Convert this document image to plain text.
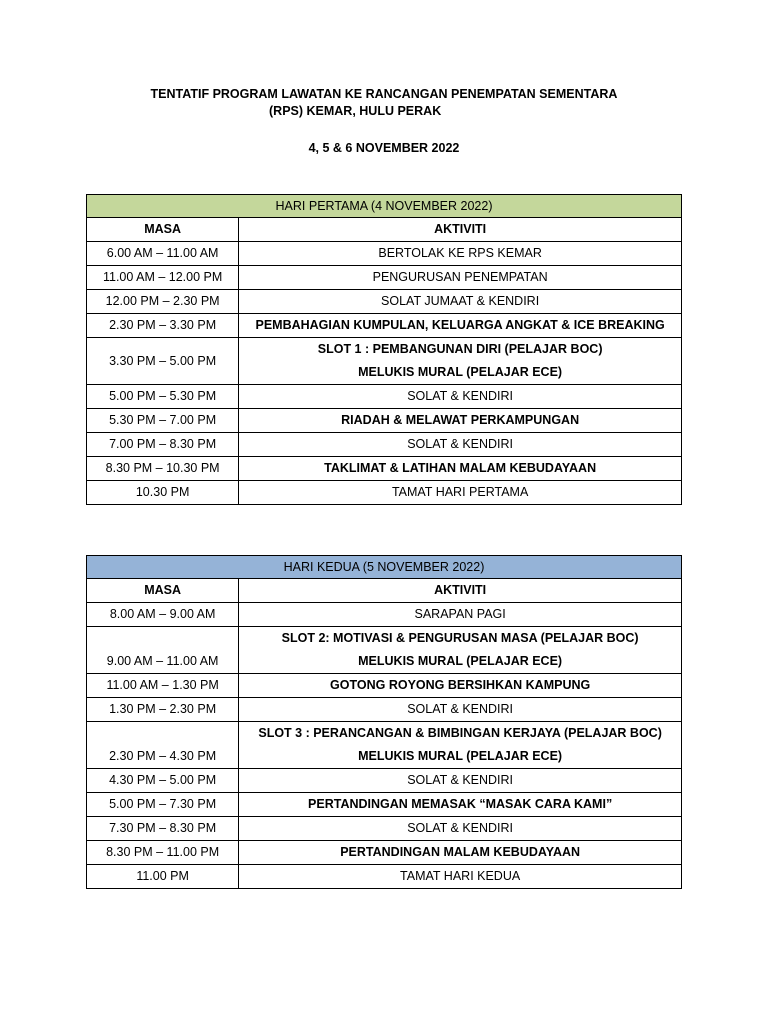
TENTATIF PROGRAM LAWATAN KE RANCANGAN PENEMPATAN SEMENTARA
(RPS) KEMAR, HULU PERAK
4, 5 & 6 NOVEMBER 2022
HARI PERTAMA (4 NOVEMBER 2022)	
MASA	AKTIVITI
6.00 AM – 11.00 AM	BERTOLAK KE RPS KEMAR
11.00 AM – 12.00 PM	PENGURUSAN PENEMPATAN
12.00 PM – 2.30 PM	SOLAT JUMAAT & KENDIRI
2.30 PM – 3.30 PM	PEMBAHAGIAN KUMPULAN, KELUARGA ANGKAT & ICE BREAKING
3.30 PM – 5.00 PM	SLOT 1 : PEMBANGUNAN DIRI (PELAJAR BOC)
MELUKIS MURAL (PELAJAR ECE)

5.00 PM – 5.30 PM	SOLAT & KENDIRI
5.30 PM – 7.00 PM	RIADAH & MELAWAT PERKAMPUNGAN
7.00 PM – 8.30 PM	SOLAT & KENDIRI
8.30 PM – 10.30 PM	TAKLIMAT & LATIHAN MALAM KEBUDAYAAN
10.30 PM	TAMAT HARI PERTAMA
HARI KEDUA (5 NOVEMBER 2022)	
MASA	AKTIVITI
8.00 AM – 9.00 AM	SARAPAN PAGI
9.00 AM – 11.00 AM	SLOT 2: MOTIVASI & PENGURUSAN MASA (PELAJAR BOC)
MELUKIS MURAL (PELAJAR ECE)

11.00 AM – 1.30 PM	GOTONG ROYONG BERSIHKAN KAMPUNG
1.30 PM – 2.30 PM	SOLAT & KENDIRI
2.30 PM – 4.30 PM	SLOT 3 : PERANCANGAN & BIMBINGAN KERJAYA (PELAJAR BOC)
MELUKIS MURAL (PELAJAR ECE)

4.30 PM – 5.00 PM	SOLAT & KENDIRI
5.00 PM – 7.30 PM	PERTANDINGAN MEMASAK “MASAK CARA KAMI”
7.30 PM – 8.30 PM	SOLAT & KENDIRI
8.30 PM – 11.00 PM	PERTANDINGAN MALAM KEBUDAYAAN
11.00 PM	TAMAT HARI KEDUA
